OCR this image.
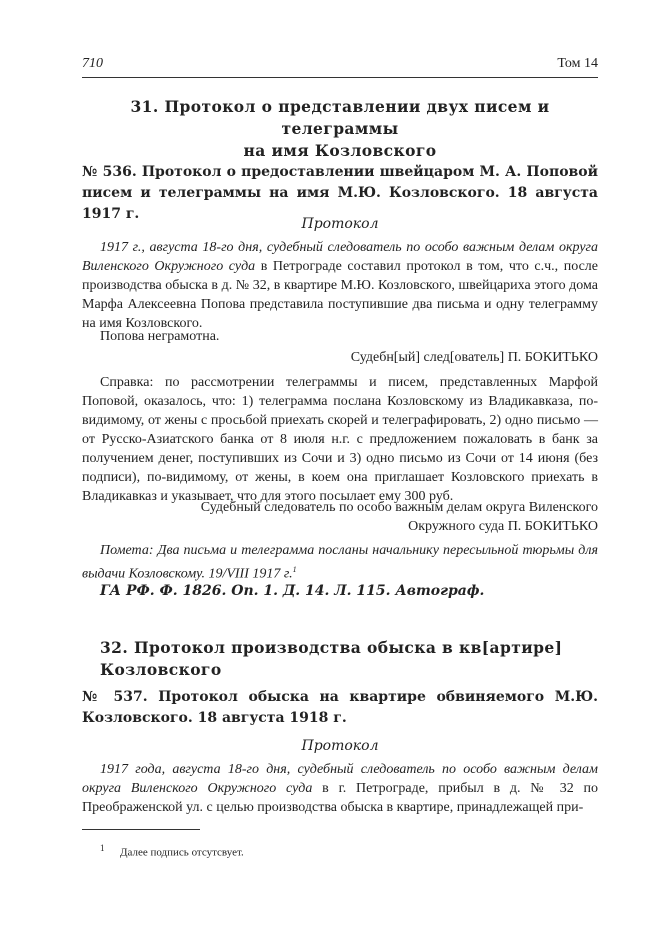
710	Том 14
31. Протокол о представлении двух писем и телеграммы
на имя Козловского
№ 536. Протокол о предоставлении швейцаром М. А. Поповой писем и телеграммы на имя М.Ю. Козловского. 18 августа 1917 г.
Протокол
1917 г., августа 18-го дня, судебный следователь по особо важным делам округа Виленского Окружного суда в Петрограде составил протокол в том, что с.ч., после производства обыска в д. № 32, в квартире М.Ю. Козловского, швейцариха этого дома Марфа Алексеевна Попова представила поступившие два письма и одну телеграмму на имя Козловского.
Попова неграмотна.
Судебн[ый] след[ователь] П. БОКИТЬКО
Справка: по рассмотрении телеграммы и писем, представленных Марфой Поповой, оказалось, что: 1) телеграмма послана Козловскому из Владикавказа, по-видимому, от жены с просьбой приехать скорей и телеграфировать, 2) одно письмо — от Русско-Азиатского банка от 8 июля н.г. с предложением пожаловать в банк за получением денег, поступивших из Сочи и 3) одно письмо из Сочи от 14 июня (без подписи), по-видимому, от жены, в коем она приглашает Козловского приехать в Владикавказ и указывает, что для этого посылает ему 300 руб.
Судебный следователь по особо важным делам округа Виленского
Окружного суда П. БОКИТЬКО
Помета: Два письма и телеграмма посланы начальнику пересыльной тюрьмы для выдачи Козловскому. 19/VIII 1917 г.$^1$
ГА РФ. Ф. 1826. Оп. 1. Д. 14. Л. 115. Автограф.
32. Протокол производства обыска в кв[артире] Козловского
№ 537. Протокол обыска на квартире обвиняемого М.Ю. Козловского. 18 августа 1918 г.
Протокол
1917 года, августа 18-го дня, судебный следователь по особо важным делам округа Виленского Окружного суда в г. Петрограде, прибыл в д. № 32 по Преображенской ул. с целью производства обыска в квартире, принадлежащей при-
1 Далее подпись отсутсвует.
